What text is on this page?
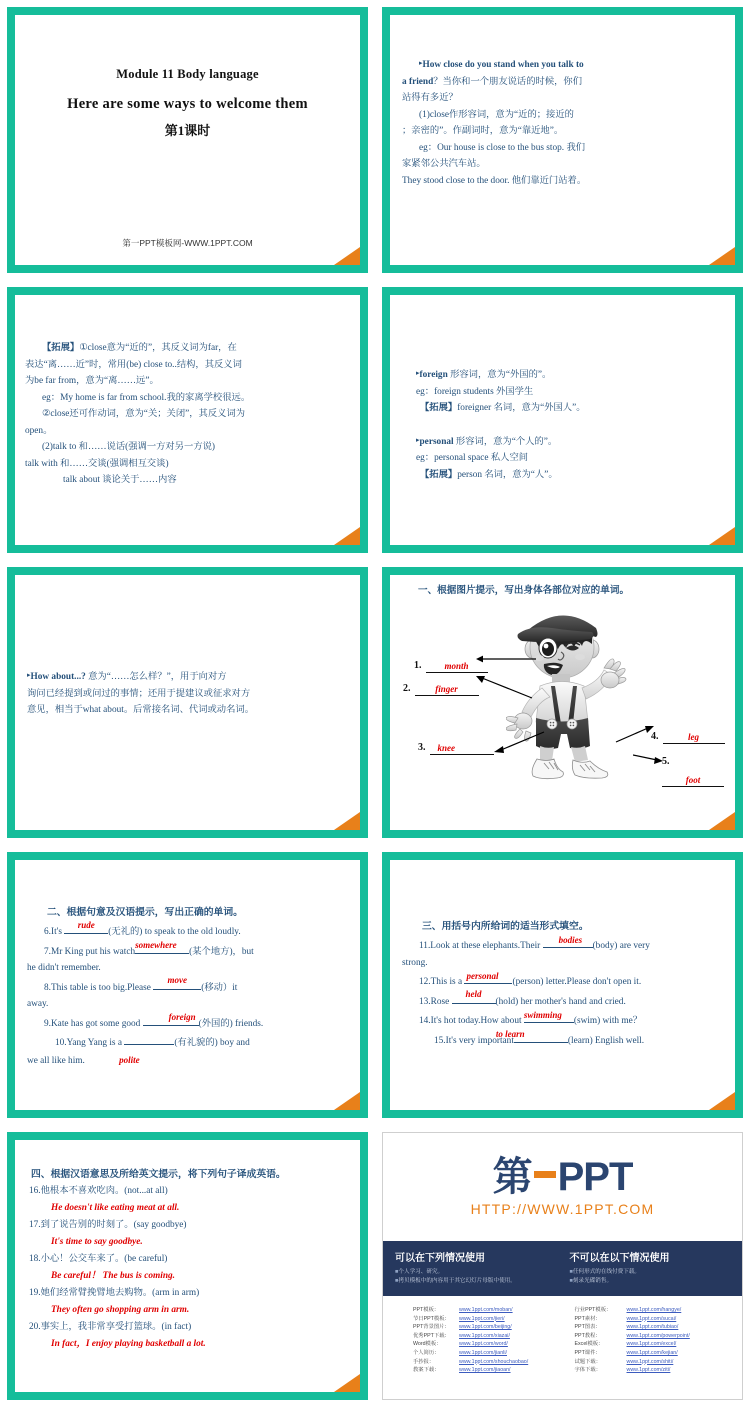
Module 11 Body language
Here are some ways to welcome them
第1课时
第一PPT模板网-WWW.1PPT.COM
▸How close do you stand when you talk to
a friend？当你和一个朋友说话的时候，你们
站得有多近？
(1)close作形容词，意为“近的；接近的
；亲密的”。作副词时，意为“靠近地”。
eg：Our house is close to the bus stop. 我们
家紧邻公共汽车站。
They stood close to the door. 他们靠近门站着。
【拓展】①close意为“近的”，其反义词为far，在
表达“离……近”时，常用(be) close to..结构，其反义词
为be far from，意为“离……远”。
eg：My home is far from school.我的家离学校很远。
②close还可作动词，意为“关；关闭”，其反义词为
open。
(2)talk to 和……说话(强调一方对另一方说)
talk with 和……交谈(强调相互交谈)
talk about 谈论关于……内容
▸foreign 形容词，意为“外国的”。
eg：foreign students 外国学生
【拓展】foreigner 名词，意为“外国人”。
▸personal 形容词，意为“个人的”。
eg：personal space 私人空间
【拓展】person 名词，意为“人”。
▸How about...? 意为“……怎么样？”，用于向对方
询问已经提到或问过的事情；还用于提建议或征求对方
意见，相当于what about。后常接名词、代词或动名词。
一、根据图片提示，写出身体各部位对应的单词。
1.	month
2.	finger
3. knee
4.	leg
5.
foot
二、根据句意及汉语提示，写出正确的单词。
6.It's
rude
(无礼的) to speak to the old loudly.
7.Mr King put his watch
somewhere
(某个地方)，but
he didn't remember.
8.This table is too big.Please
move
(移动）it
away.
9.Kate has got some good
foreign
(外国的) friends.
10.Yang Yang is a	(有礼貌的) boy and
we all like him.	polite
三、用括号内所给词的适当形式填空。
11.Look at these elephants.Their
bodies
(body) are very
strong.
12.This is a
personal
(person) letter.Please don't open it.
13.Rose
held
(hold) her mother's hand and cried.
14.It's hot today.How about
swimming
(swim) with me？
15.It's very important
to learn
(learn) English well.
四、根据汉语意思及所给英文提示，将下列句子译成英语。
16.他根本不喜欢吃肉。(not...at all)
He doesn't like eating meat at all.
17.到了说告别的时刻了。(say goodbye)
It's time to say goodbye.
18.小心！公交车来了。(be careful)
Be careful！ The bus is coming.
19.她们经常臂挽臂地去购物。(arm in arm)
They often go shopping arm in arm.
20.事实上，我非常享受打篮球。(in fact)
In fact，I enjoy playing basketball a lot.
第 PPT
HTTP://WWW.1PPT.COM
可以在下列情况使用
■个人学习、研究。
■拷贝模板中的内容用于其它幻灯片母版中使用。
不可以在以下情况使用
■任何形式的在线付费下载。
■刻录光碟销售。
PPT模板：	www.1ppt.com/moban/
节日PPT模板：	www.1ppt.com/jieri/
PPT背景图片：	www.1ppt.com/beijing/
优秀PPT下载：	www.1ppt.com/xiazai/
Word模板：	www.1ppt.com/word/
个人简历：	www.1ppt.com/jianli/
手抄报：	www.1ppt.com/shouchaobao/
教案下载：	www.1ppt.com/jiaoan/
行业PPT模板：	www.1ppt.com/hangye/
PPT素材：	www.1ppt.com/sucai/
PPT图表：	www.1ppt.com/tubiao/
PPT教程：	www.1ppt.com/powerpoint/
Excel模板：	www.1ppt.com/excel/
PPT课件：	www.1ppt.com/kejian/
试题下载：	www.1ppt.com/shiti/
字体下载：	www.1ppt.com/ziti/
